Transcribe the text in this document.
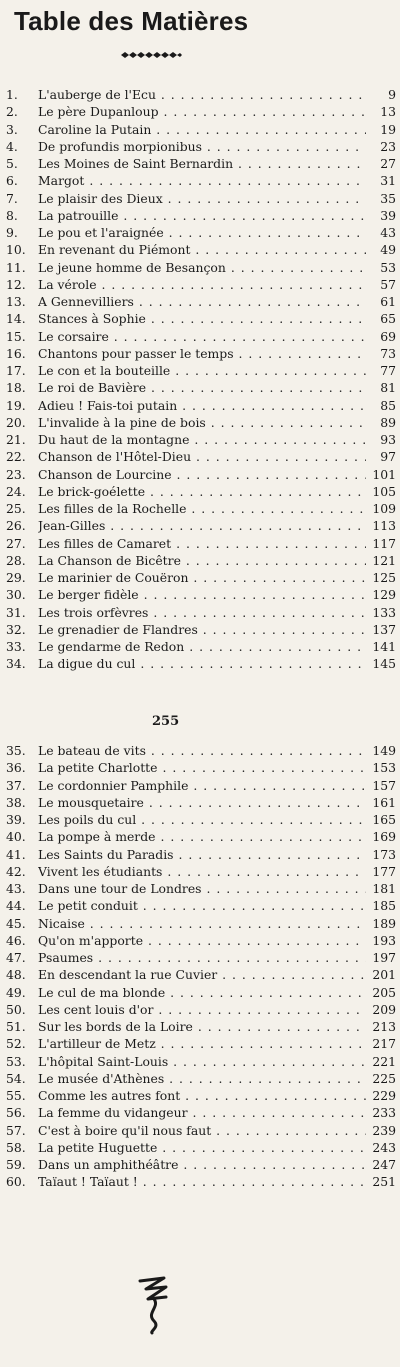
Table des Matières
1.	L'auberge de l'Ecu . . .	9
2.	Le père Dupanloup . . .	13
3.	Caroline la Putain . . .	19
4.	De profundis morpionibus . . .	23
5.	Les Moines de Saint Bernardin . . .	27
6.	Margot . . .	31
7.	Le plaisir des Dieux . . .	35
8.	La patrouille . . .	39
9.	Le pou et l'araignée . . .	43
10. En revenant du Piémont . . .	49
11. Le jeune homme de Besançon . . .	53
12. La vérole . . .	57
13. A Gennevilliers . . .	61
14. Stances à Sophie . . .	65
15. Le corsaire . . .	69
16. Chantons pour passer le temps . . .	73
17. Le con et la bouteille . . .	77
18. Le roi de Bavière . . .	81
19. Adieu ! Fais-toi putain . . .	85
20. L'invalide à la pine de bois . . .	89
21. Du haut de la montagne . . .	93
22. Chanson de l'Hôtel-Dieu . . .	97
23. Chanson de Lourcine . . .	101
24. Le brick-goélette . . .	105
25. Les filles de la Rochelle . . .	109
26. Jean-Gilles . . .	113
27. Les filles de Camaret . . .	117
28. La Chanson de Bicêtre . . .	121
29. Le marinier de Couëron . . .	125
30. Le berger fidèle . . .	129
31. Les trois orfèvres . . .	133
32. Le grenadier de Flandres . . .	137
33. Le gendarme de Redon . . .	141
34. La digue du cul . . .	145
255
35. Le bateau de vits . . .	149
36. La petite Charlotte . . .	153
37. Le cordonnier Pamphile . . .	157
38. Le mousquetaire . . .	161
39. Les poils du cul . . .	165
40. La pompe à merde . . .	169
41. Les Saints du Paradis . . .	173
42. Vivent les étudiants . . .	177
43. Dans une tour de Londres . . .	181
44. Le petit conduit . . .	185
45. Nicaise . . .	189
46. Qu'on m'apporte . . .	193
47. Psaumes . . .	197
48. En descendant la rue Cuvier . . .	201
49. Le cul de ma blonde . . .	205
50. Les cent louis d'or . . .	209
51. Sur les bords de la Loire . . .	213
52. L'artilleur de Metz . . .	217
53. L'hôpital Saint-Louis . . .	221
54. Le musée d'Athènes . . .	225
55. Comme les autres font . . .	229
56. La femme du vidangeur . . .	233
57. C'est à boire qu'il nous faut . . .	239
58. La petite Huguette . . .	243
59. Dans un amphithéâtre . . .	247
60. Taïaut ! Taïaut ! . . .	251
